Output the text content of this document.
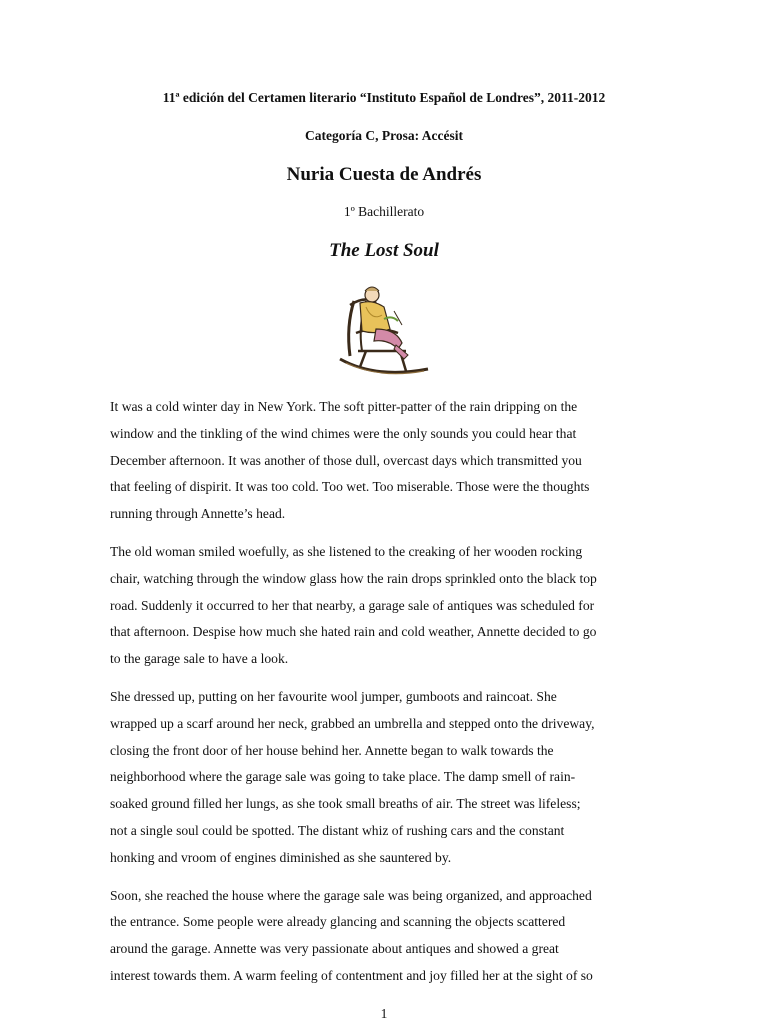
11ª edición del Certamen literario “Instituto Español de Londres”, 2011-2012
Categoría C, Prosa: Accésit
Nuria Cuesta de Andrés
1º Bachillerato
The Lost Soul

It was a cold winter day in New York. The soft pitter-patter of the rain dripping on the
window and the tinkling of the wind chimes were the only sounds you could hear that
December afternoon. It was another of those dull, overcast days which transmitted you
that feeling of dispirit. It was too cold. Too wet. Too miserable. Those were the thoughts
running through Annette’s head.

The old woman smiled woefully, as she listened to the creaking of her wooden rocking
chair, watching through the window glass how the rain drops sprinkled onto the black top
road. Suddenly it occurred to her that nearby, a garage sale of antiques was scheduled for
that afternoon. Despise how much she hated rain and cold weather, Annette decided to go
to the garage sale to have a look.

She dressed up, putting on her favourite wool jumper, gumboots and raincoat. She
wrapped up a scarf around her neck, grabbed an umbrella and stepped onto the driveway,
closing the front door of her house behind her. Annette began to walk towards the
neighborhood where the garage sale was going to take place. The damp smell of rain-
soaked ground filled her lungs, as she took small breaths of air. The street was lifeless;
not a single soul could be spotted. The distant whiz of rushing cars and the constant
honking and vroom of engines diminished as she sauntered by.

Soon, she reached the house where the garage sale was being organized, and approached
the entrance. Some people were already glancing and scanning the objects scattered
around the garage. Annette was very passionate about antiques and showed a great
interest towards them. A warm feeling of contentment and joy filled her at the sight of so

1
